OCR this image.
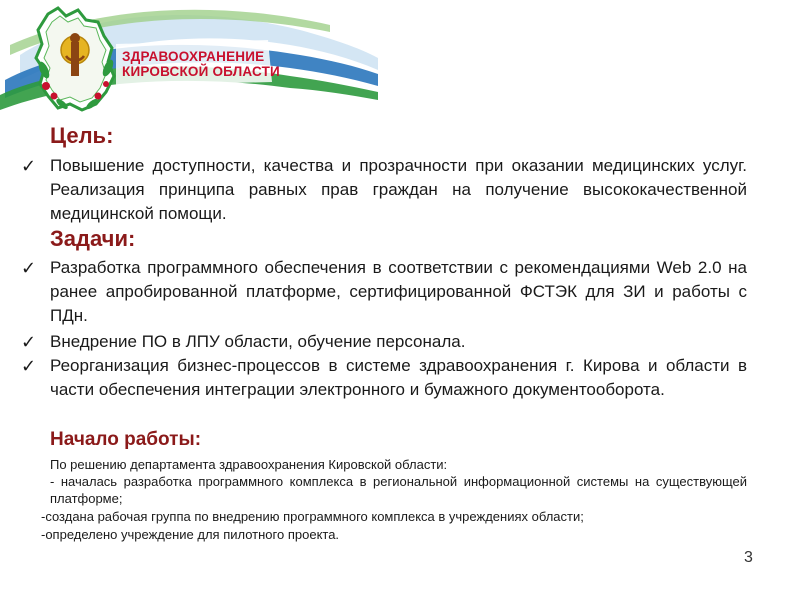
ЗДРАВООХРАНЕНИЕ
КИРОВСКОЙ ОБЛАСТИ
Цель:
✓ Повышение доступности, качества и прозрачности при оказании медицинских услуг. Реализация принципа равных прав граждан на получение высококачественной медицинской помощи.
Задачи:
✓ Разработка программного обеспечения в соответствии с рекомендациями Web 2.0 на ранее апробированной платформе, сертифицированной ФСТЭК для ЗИ и работы с ПДн.
✓ Внедрение ПО в ЛПУ области, обучение персонала.
✓ Реорганизация бизнес-процессов в системе здравоохранения г. Кирова и области в части обеспечения интеграции электронного и бумажного документооборота.
Начало работы:
По решению департамента здравоохранения Кировской области:
- началась разработка программного комплекса в региональной информационной системы на существующей платформе;
-создана рабочая группа по внедрению программного комплекса в учреждениях области;
-определено учреждение для пилотного проекта.
3
